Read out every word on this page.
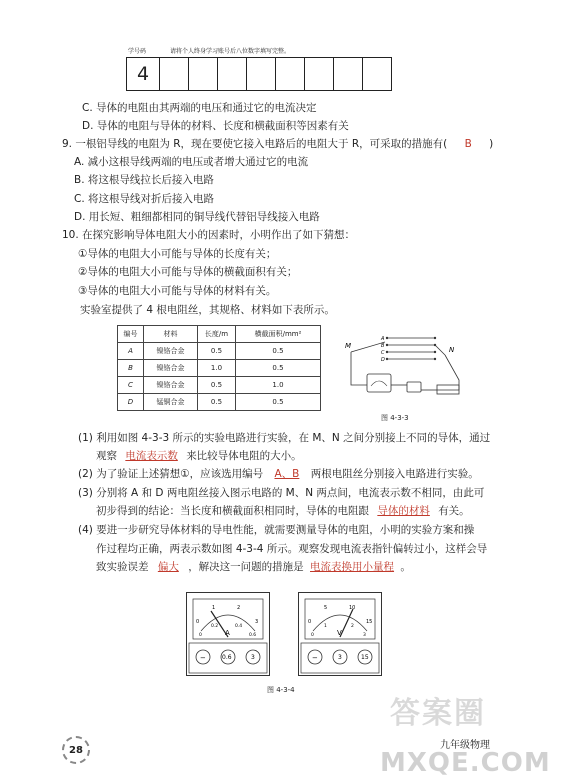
学号码	请将个人终身学习账号后八位数字填写完整。
4
C. 导体的电阻由其两端的电压和通过它的电流决定
D. 导体的电阻与导体的材料、长度和横截面积等因素有关
9. 一根铝导线的电阻为 R，现在要使它接入电路后的电阻大于 R，可采取的措施有( B )
A. 减小这根导线两端的电压或者增大通过它的电流
B. 将这根导线拉长后接入电路
C. 将这根导线对折后接入电路
D. 用长短、粗细都相同的铜导线代替铝导线接入电路
10. 在探究影响导体电阻大小的因素时，小明作出了如下猜想：
①导体的电阻大小可能与导体的长度有关；
②导体的电阻大小可能与导体的横截面积有关；
③导体的电阻大小可能与导体的材料有关。
实验室提供了 4 根电阻丝，其规格、材料如下表所示。
编号	材料	长度/m	横截面积/mm²
A	镍铬合金	0.5	0.5
B	镍铬合金	1.0	0.5
C	镍铬合金	0.5	1.0
D	锰铜合金	0.5	0.5
M	N
A
B
C
D
图 4-3-3
(1) 利用如图 4-3-3 所示的实验电路进行实验，在 M、N 之间分别接上不同的导体，通过
观察 电流表示数 来比较导体电阻的大小。
(2) 为了验证上述猜想①，应该选用编号 A、B 两根电阻丝分别接入电路进行实验。
(3) 分别将 A 和 D 两电阻丝接入图示电路的 M、N 两点间，电流表示数不相同，由此可
初步得到的结论：当长度和横截面积相同时，导体的电阻跟 导体的材料 有关。
(4) 要进一步研究导体材料的导电性能，就需要测量导体的电阻，小明的实验方案和操
作过程均正确，两表示数如图 4-3-4 所示。观察发现电流表指针偏转过小，这样会导
致实验误差 偏大 ，解决这一问题的措施是 电流表换用小量程 。
0
1	2
3
0
0.2	0.4
0.6
A
−	0.6	3
0
5	10
15
0
1	2
3
V
−	3	15
图 4-3-4
28	九年级物理
答案圈
MXQE.COM
